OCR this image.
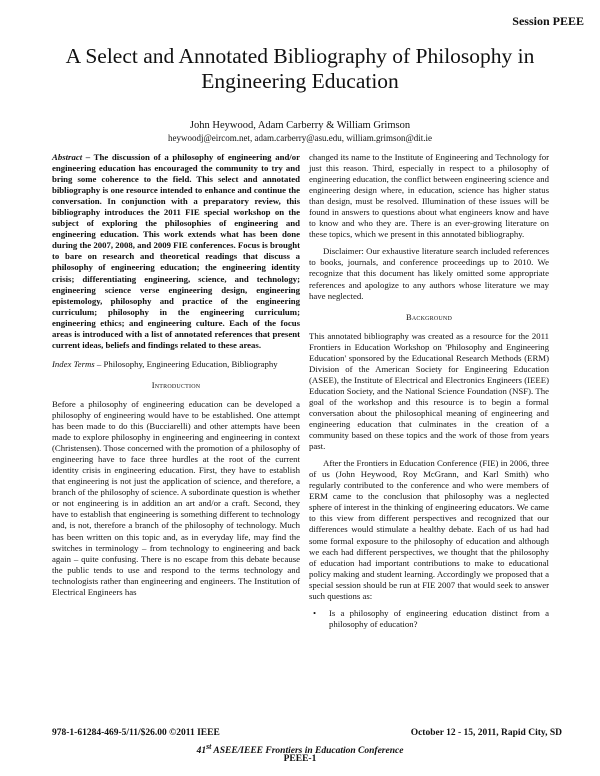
Session PEEE
A Select and Annotated Bibliography of Philosophy in Engineering Education
John Heywood, Adam Carberry & William Grimson
heywoodj@eircom.net, adam.carberry@asu.edu, william.grimson@dit.ie

Abstract – The discussion of a philosophy of engineering and/or engineering education has encouraged the community to try and bring some coherence to the field. This select and annotated bibliography is one resource intended to enhance and continue the conversation. In conjunction with a preparatory review, this bibliography introduces the 2011 FIE special workshop on the subject of exploring the philosophies of engineering and engineering education. This work extends what has been done during the 2007, 2008, and 2009 FIE conferences. Focus is brought to bare on research and theoretical readings that discuss a philosophy of engineering education; the engineering identity crisis; differentiating engineering, science, and technology; engineering science verse engineering design, engineering epistemology, philosophy and practice of the engineering curriculum; philosophy in the engineering curriculum; engineering ethics; and engineering culture. Each of the focus areas is introduced with a list of annotated references that present current ideas, beliefs and findings related to these areas.

Index Terms – Philosophy, Engineering Education, Bibliography

Introduction

Before a philosophy of engineering education can be developed a philosophy of engineering would have to be established. One attempt has been made to do this (Bucciarelli) and other attempts have been made to explore philosophy in engineering and engineering in context (Christensen). Those concerned with the promotion of a philosophy of engineering have to face three hurdles at the root of the current identity crisis in engineering education. First, they have to establish that engineering is not just the application of science, and therefore, a branch of the philosophy of science. A subordinate question is whether or not engineering is in addition an art and/or a craft. Second, they have to establish that engineering is something different to technology and, is not, therefore a branch of the philosophy of technology. Much has been written on this topic and, as in everyday life, may find the switches in terminology – from technology to engineering and back again – quite confusing. There is no escape from this debate because the public tends to use and respond to the terms technology and technologists rather than engineering and engineers. The Institution of Electrical Engineers has

changed its name to the Institute of Engineering and Technology for just this reason. Third, especially in respect to a philosophy of engineering education, the conflict between engineering science and engineering design where, in education, science has higher status than design, must be resolved. Illumination of these issues will be found in answers to questions about what engineers know and have to know and who they are. There is an ever-growing literature on these topics, which we present in this annotated bibliography.

Disclaimer: Our exhaustive literature search included references to books, journals, and conference proceedings up to 2010. We recognize that this document has likely omitted some appropriate references and apologize to any authors whose literature we may have neglected.

Background

This annotated bibliography was created as a resource for the 2011 Frontiers in Education Workshop on 'Philosophy and Engineering Education' sponsored by the Educational Research Methods (ERM) Division of the American Society for Engineering Education (ASEE), the Institute of Electrical and Electronics Engineers (IEEE) Education Society, and the National Science Foundation (NSF). The goal of the workshop and this resource is to begin a formal conversation about the philosophical meaning of engineering and engineering education that culminates in the creation of a community based on these topics and the work of those from years past.

After the Frontiers in Education Conference (FIE) in 2006, three of us (John Heywood, Roy McGrann, and Karl Smith) who regularly contributed to the conference and who were members of ERM came to the conclusion that philosophy was a neglected sphere of interest in the thinking of engineering educators. We came to this view from different perspectives and recognized that our differences would stimulate a healthy debate. Each of us had had some formal exposure to the philosophy of education and although we each had different perspectives, we thought that the philosophy of education had important contributions to make to educational policy making and student learning. Accordingly we proposed that a special session should be run at FIE 2007 that would seek to answer such questions as:

•	Is a philosophy of engineering education distinct from a philosophy of education?
978-1-61284-469-5/11/$26.00 ©2011 IEEE	October 12 - 15, 2011, Rapid City, SD
41st ASEE/IEEE Frontiers in Education Conference
PEEE-1
